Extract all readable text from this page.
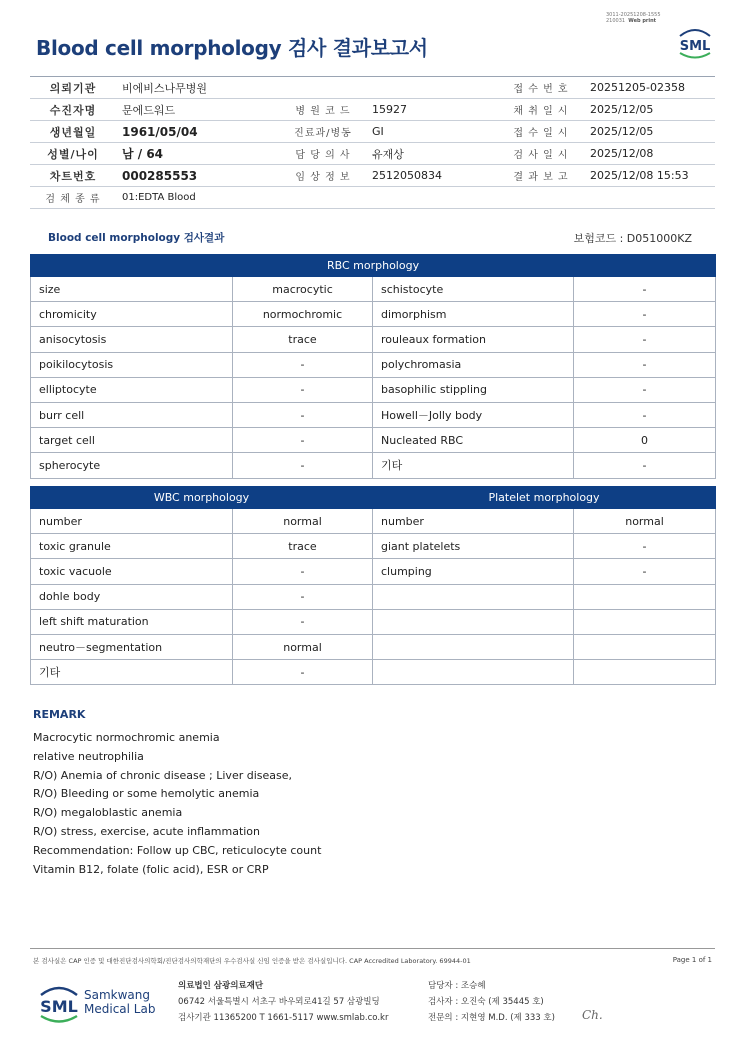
3011-20251208-1555
210031 Web print
Blood cell morphology 검사 결과보고서	SML
의뢰기관	비에비스나무병원			접 수 번 호	20251205-02358
수진자명	문에드워드	병 원 코 드	15927	채 취 일 시	2025/12/05
생년월일	1961/05/04	진료과/병동	GI	접 수 일 시	2025/12/05
성별/나이	남 / 64	담 당 의 사	유재상	검 사 일 시	2025/12/08
차트번호	000285553	임 상 정 보	2512050834	결 과 보 고	2025/12/08 15:53
검 체 종 류	01:EDTA Blood				
Blood cell morphology 검사결과	보험코드 : D051000KZ
RBC morphology			
size	macrocytic	schistocyte	-
chromicity	normochromic	dimorphism	-
anisocytosis	trace	rouleaux formation	-
poikilocytosis	-	polychromasia	-
elliptocyte	-	basophilic stippling	-
burr cell	-	Howell－Jolly body	-
target cell	-	Nucleated RBC	0
spherocyte	-	기타	-
WBC morphology		Platelet morphology	
number	normal	number	normal
toxic granule	trace	giant platelets	-
toxic vacuole	-	clumping	-
dohle body	-		
left shift maturation	-		
neutro－segmentation	normal		
기타	-		
REMARK
Macrocytic normochromic anemia
relative neutrophilia
R/O) Anemia of chronic disease ; Liver disease,
R/O) Bleeding or some hemolytic anemia
R/O) megaloblastic anemia
R/O) stress, exercise, acute inflammation
Recommendation: Follow up CBC, reticulocyte count
Vitamin B12, folate (folic acid), ESR or CRP
본 검사실은 CAP 인증 및 대한진단검사의학회/진단검사의학재단의 우수검사실 신임 인증을 받은 검사실입니다. CAP Accredited Laboratory. 69944-01	Page 1 of 1
SML
Samkwang
Medical Lab
의료법인 삼광의료재단
06742 서울특별시 서초구 바우뫼로41길 57 삼광빌딩
검사기관 11365200 T 1661-5117 www.smlab.co.kr
담당자 : 조승혜
검사자 : 오진숙 (제 35445 호)
전문의 : 지현영 M.D. (제 333 호) Ch.
